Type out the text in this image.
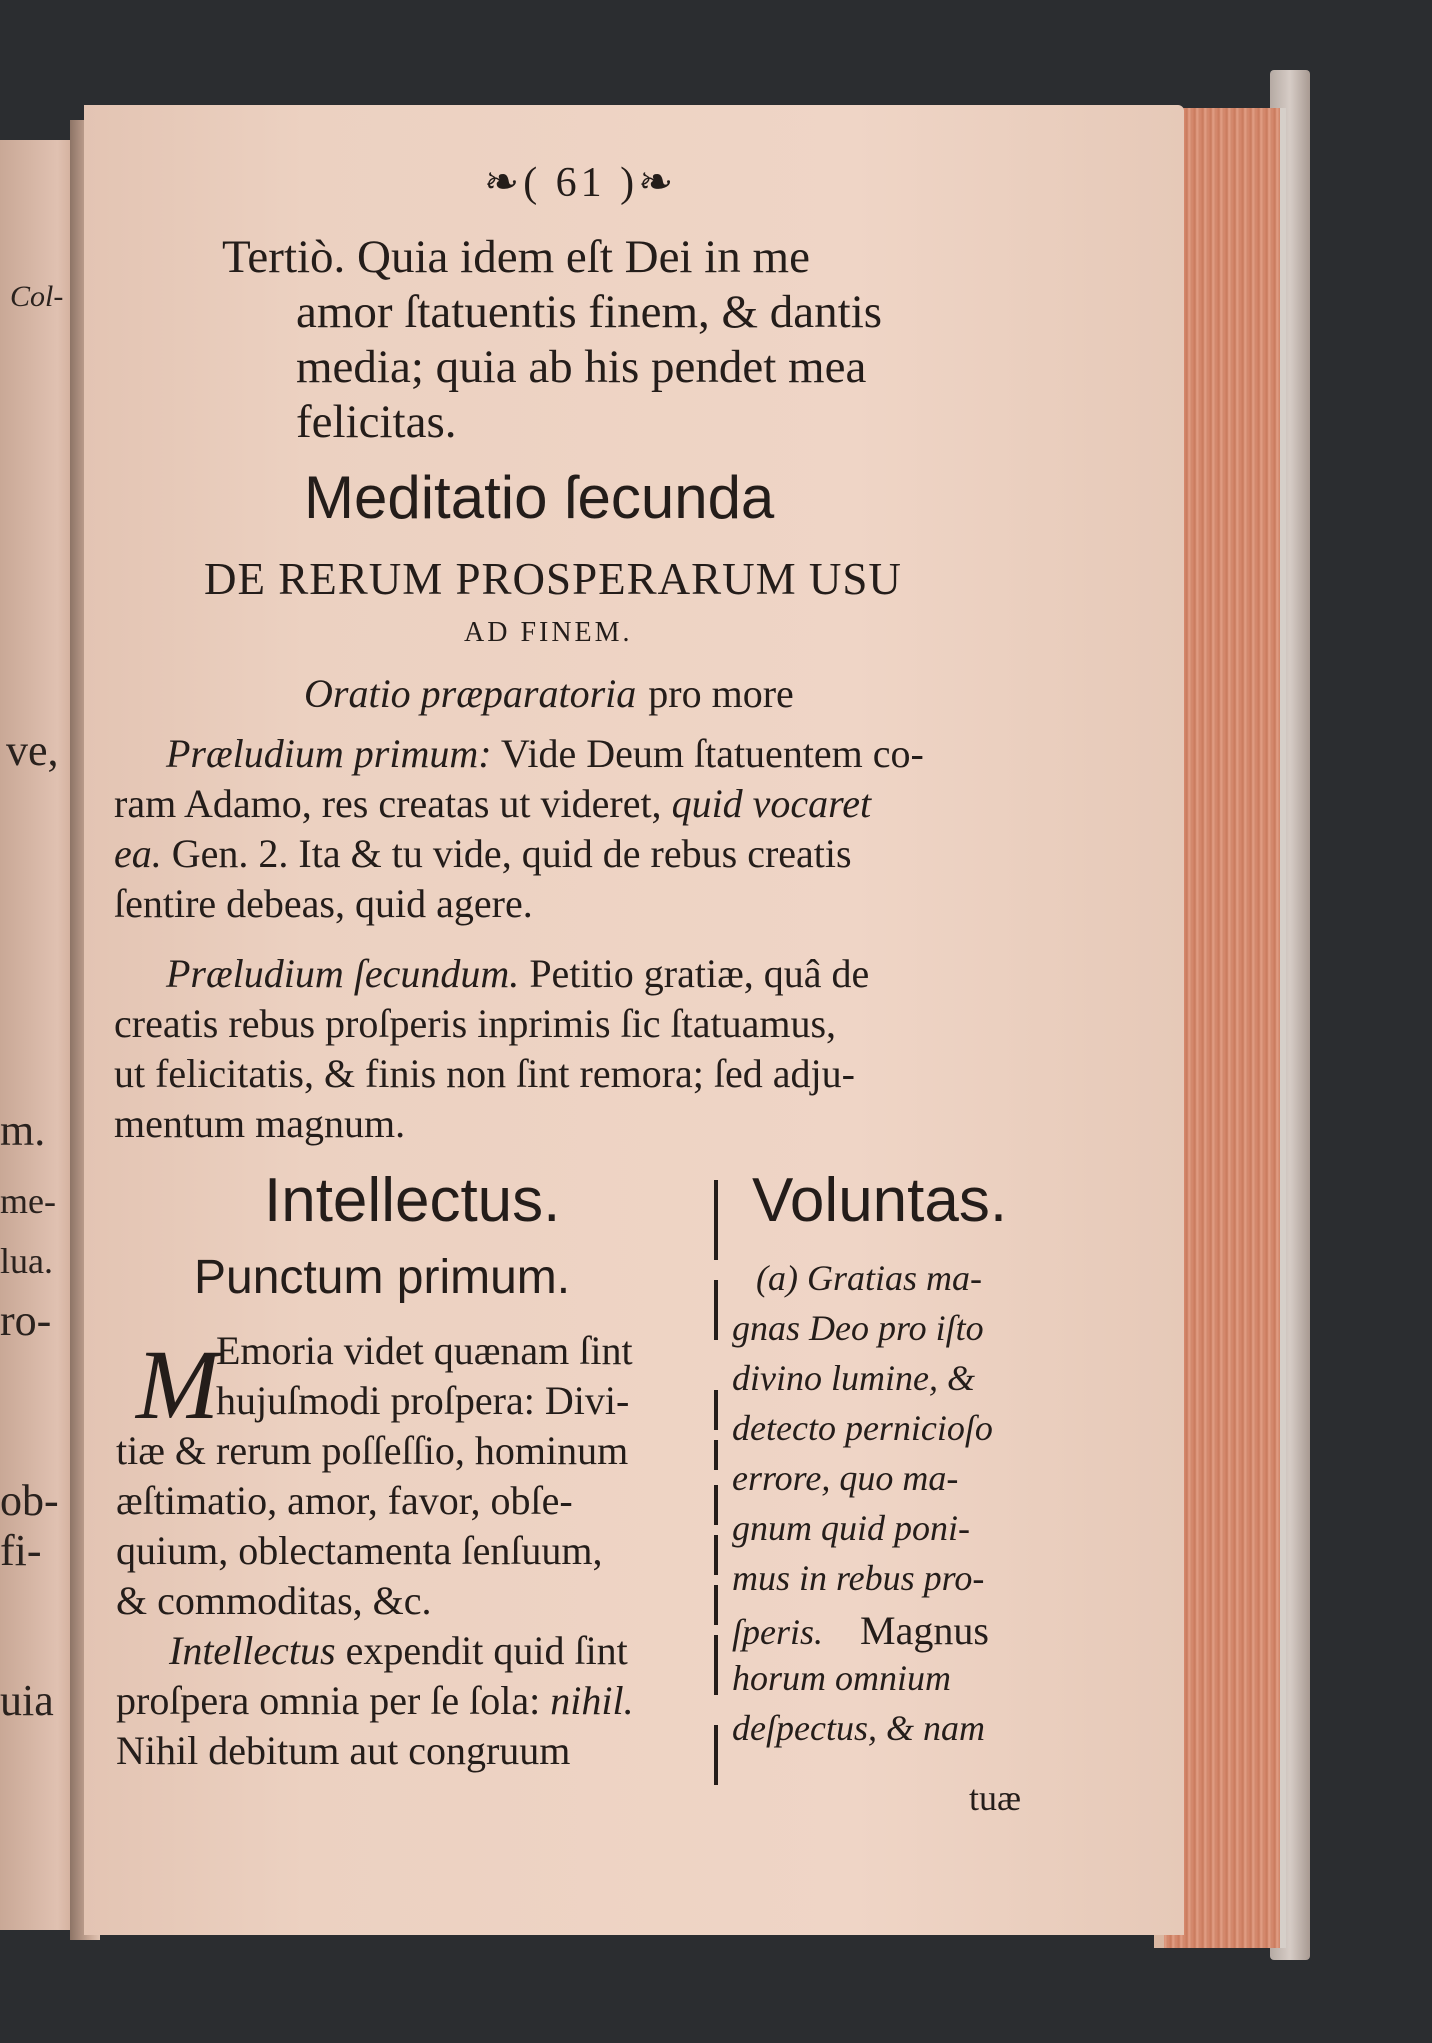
Col-
ve,
m.
me-
lua.
ro-
ob-
fi-
uia
❧( 61 )❧
Tertiò. Quia idem eſt Dei in me
amor ſtatuentis finem, & dantis
media; quia ab his pendet mea
felicitas.
Meditatio ſecunda
DE RERUM PROSPERARUM USU
AD FINEM.
Oratio præparatoria pro more
Præludium primum: Vide Deum ſtatuentem co-
ram Adamo, res creatas ut videret, quid vocaret
ea. Gen. 2. Ita & tu vide, quid de rebus creatis
ſentire debeas, quid agere.
Præludium ſecundum. Petitio gratiæ, quâ de
creatis rebus proſperis inprimis ſic ſtatuamus,
ut felicitatis, & finis non ſint remora; ſed adju-
mentum magnum.
Intellectus.
Punctum primum.
M
Emoria videt quænam ſint
hujuſmodi proſpera: Divi-
tiæ & rerum poſſeſſio, hominum
æſtimatio, amor, favor, obſe-
quium, oblectamenta ſenſuum,
& commoditas, &c.
Intellectus expendit quid ſint
proſpera omnia per ſe ſola: nihil.
Nihil debitum aut congruum
Voluntas.
(a) Gratias ma-
gnas Deo pro iſto
divino lumine, &
detecto pernicioſo
errore, quo ma-
gnum quid poni-
mus in rebus pro-
ſperis. Magnus
horum omnium
deſpectus, & nam
tuæ
